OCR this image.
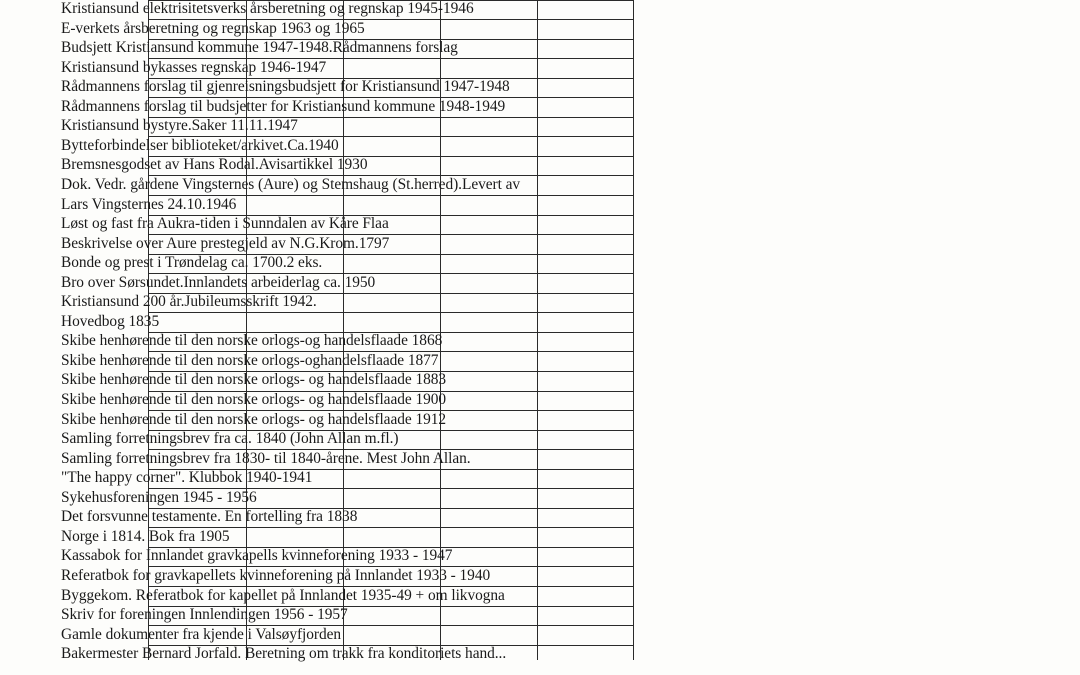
Kristiansund elektrisitetsverks årsberetning og regnskap 1945-1946
E-verkets årsberetning og regnskap 1963 og 1965
Budsjett Kristiansund kommune 1947-1948.Rådmannens forslag
Kristiansund bykasses regnskap 1946-1947
Rådmannens forslag til gjenreisningsbudsjett for Kristiansund 1947-1948
Rådmannens forslag til budsjetter for Kristiansund kommune 1948-1949
Kristiansund bystyre.Saker 11.11.1947
Bytteforbindelser biblioteket/arkivet.Ca.1940
Bremsnesgodset av Hans Rodal.Avisartikkel 1930
Dok. Vedr. gårdene Vingsternes (Aure) og Stemshaug (St.herred).Levert av
Lars Vingsternes 24.10.1946
Løst og fast fra Aukra-tiden i Sunndalen av Kåre Flaa
Beskrivelse over Aure prestegjeld av N.G.Krom.1797
Bonde og prest i Trøndelag ca. 1700.2 eks.
Bro over Sørsundet.Innlandets arbeiderlag ca. 1950
Kristiansund 200 år.Jubileumsskrift 1942.
Hovedbog 1835
Skibe henhørende til den norske orlogs-og handelsflaade 1868
Skibe henhørende til den norske orlogs-oghandelsflaade 1877
Skibe henhørende til den norske orlogs- og handelsflaade 1883
Skibe henhørende til den norske orlogs- og handelsflaade 1900
Skibe henhørende til den norske orlogs- og handelsflaade 1912
Samling forretningsbrev fra ca. 1840 (John Allan m.fl.)
Samling forretningsbrev fra 1830- til 1840-årene. Mest John Allan.
"The happy corner". Klubbok 1940-1941
Sykehusforeningen 1945 - 1956
Det forsvunne testamente. En fortelling fra 1838
Norge i 1814. Bok fra 1905
Kassabok for Innlandet gravkapells kvinneforening 1933 - 1947
Referatbok for gravkapellets kvinneforening på Innlandet 1933 - 1940
Byggekom. Referatbok for kapellet på Innlandet 1935-49 + om likvogna
Skriv for foreningen Innlendingen 1956 - 1957
Gamle dokumenter fra kjende i Valsøyfjorden
Bakermester Bernard Jorfald. Beretning om trakk fra konditoriets hand...
